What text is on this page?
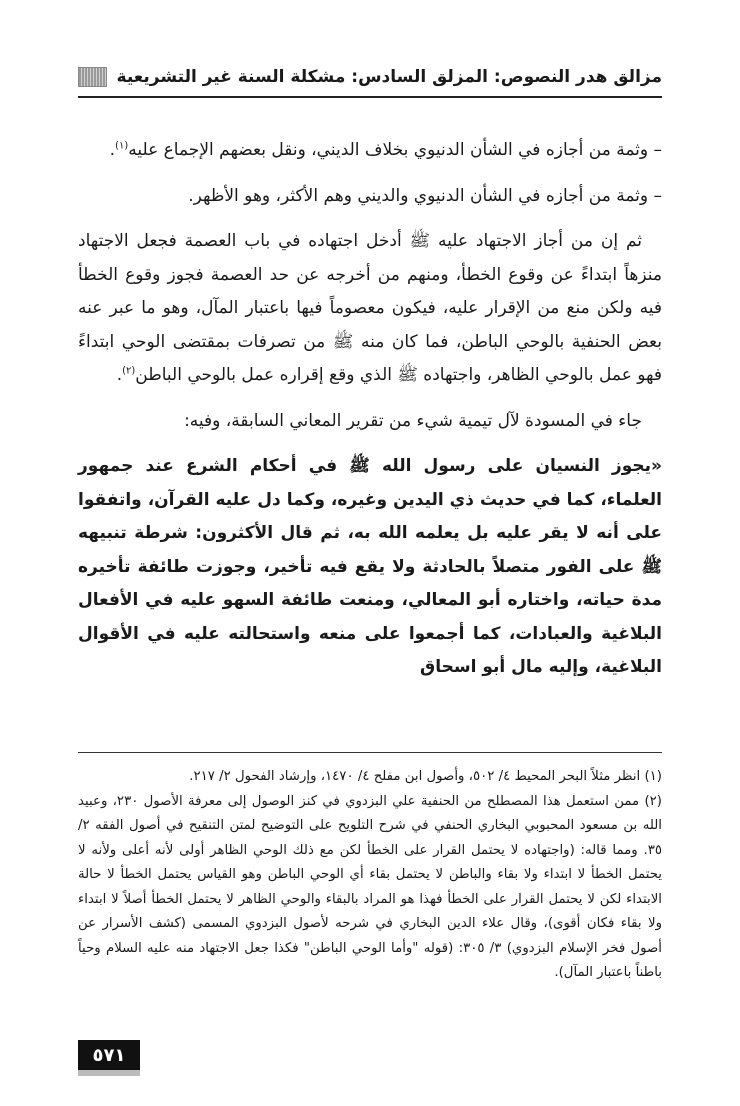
مزالق هدر النصوص: المزلق السادس: مشكلة السنة غير التشريعية

– وثمة من أجازه في الشأن الدنيوي بخلاف الديني، ونقل بعضهم الإجماع عليه$^{(١)}$.

– وثمة من أجازه في الشأن الدنيوي والديني وهم الأكثر، وهو الأظهر.

ثم إن من أجاز الاجتهاد عليه ﷺ أدخل اجتهاده في باب العصمة فجعل الاجتهاد منزهاً ابتداءً عن وقوع الخطأ، ومنهم من أخرجه عن حد العصمة فجوز وقوع الخطأ فيه ولكن منع من الإقرار عليه، فيكون معصوماً فيها باعتبار المآل، وهو ما عبر عنه بعض الحنفية بالوحي الباطن، فما كان منه ﷺ من تصرفات بمقتضى الوحي ابتداءً فهو عمل بالوحي الظاهر، واجتهاده ﷺ الذي وقع إقراره عمل بالوحي الباطن$^{(٢)}$.

جاء في المسودة لآل تيمية شيء من تقرير المعاني السابقة، وفيه:

«يجوز النسيان على رسول الله ﷺ في أحكام الشرع عند جمهور العلماء، كما في حديث ذي اليدين وغيره، وكما دل عليه القرآن، واتفقوا على أنه لا يقر عليه بل يعلمه الله به، ثم قال الأكثرون: شرطة تنبيهه ﷺ على الفور متصلاً بالحادثة ولا يقع فيه تأخير، وجوزت طائفة تأخيره مدة حياته، واختاره أبو المعالي، ومنعت طائفة السهو عليه في الأفعال البلاغية والعبادات، كما أجمعوا على منعه واستحالته عليه في الأقوال البلاغية، وإليه مال أبو اسحاق

(١) انظر مثلاً البحر المحيط ٤/ ٥٠٢، وأصول ابن مفلح ٤/ ١٤٧٠، وإرشاد الفحول ٢/ ٢١٧.

(٢) ممن استعمل هذا المصطلح من الحنفية علي البزدوي في كنز الوصول إلى معرفة الأصول ٢٣٠، وعبيد الله بن مسعود المحبوبي البخاري الحنفي في شرح التلويح على التوضيح لمتن التنقيح في أصول الفقه ٢/ ٣٥. ومما قاله: (واجتهاده لا يحتمل القرار على الخطأ لكن مع ذلك الوحي الظاهر أولى لأنه أعلى ولأنه لا يحتمل الخطأ لا ابتداء ولا بقاء والباطن لا يحتمل بقاء أي الوحي الباطن وهو القياس يحتمل الخطأ لا حالة الابتداء لكن لا يحتمل القرار على الخطأ فهذا هو المراد بالبقاء والوحي الظاهر لا يحتمل الخطأ أصلاً لا ابتداء ولا بقاء فكان أقوى)، وقال علاء الدين البخاري في شرحه لأصول البزدوي المسمى (كشف الأسرار عن أصول فخر الإسلام البزدوي) ٣/ ٣٠٥: (قوله "وأما الوحي الباطن" فكذا جعل الاجتهاد منه عليه السلام وحياً باطناً باعتبار المآل).

٥٧١
